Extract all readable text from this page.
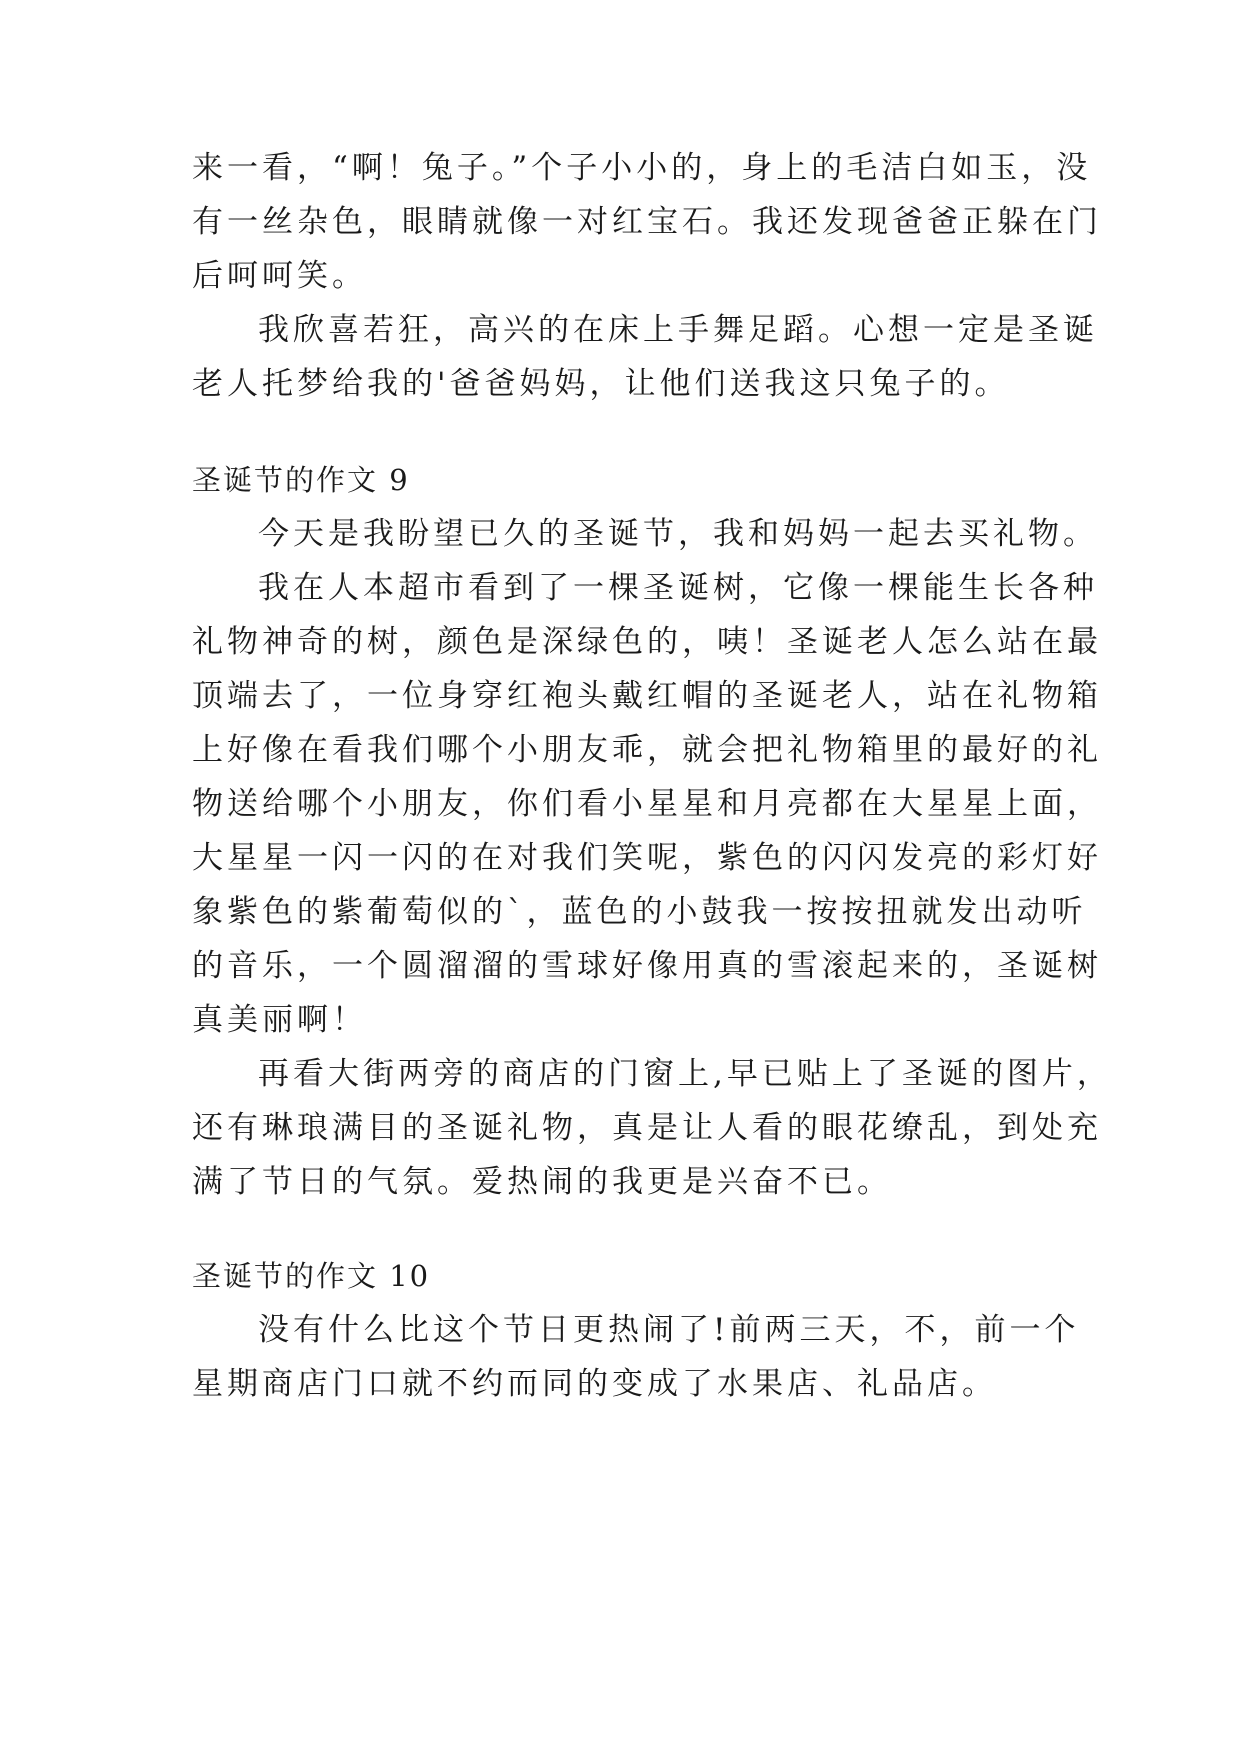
来一看，“啊！兔子。”个子小小的，身上的毛洁白如玉，没
有一丝杂色，眼睛就像一对红宝石。我还发现爸爸正躲在门
后呵呵笑。
我欣喜若狂，高兴的在床上手舞足蹈。心想一定是圣诞
老人托梦给我的'爸爸妈妈，让他们送我这只兔子的。
圣诞节的作文 9
今天是我盼望已久的圣诞节，我和妈妈一起去买礼物。
我在人本超市看到了一棵圣诞树，它像一棵能生长各种
礼物神奇的树，颜色是深绿色的，咦！圣诞老人怎么站在最
顶端去了，一位身穿红袍头戴红帽的圣诞老人，站在礼物箱
上好像在看我们哪个小朋友乖，就会把礼物箱里的最好的礼
物送给哪个小朋友，你们看小星星和月亮都在大星星上面，
大星星一闪一闪的在对我们笑呢，紫色的闪闪发亮的彩灯好
象紫色的紫葡萄似的`，蓝色的小鼓我一按按扭就发出动听
的音乐，一个圆溜溜的雪球好像用真的雪滚起来的，圣诞树
真美丽啊！
再看大街两旁的商店的门窗上,早已贴上了圣诞的图片，
还有琳琅满目的圣诞礼物，真是让人看的眼花缭乱，到处充
满了节日的气氛。爱热闹的我更是兴奋不已。
圣诞节的作文 10
没有什么比这个节日更热闹了!前两三天，不，前一个
星期商店门口就不约而同的变成了水果店、礼品店。
